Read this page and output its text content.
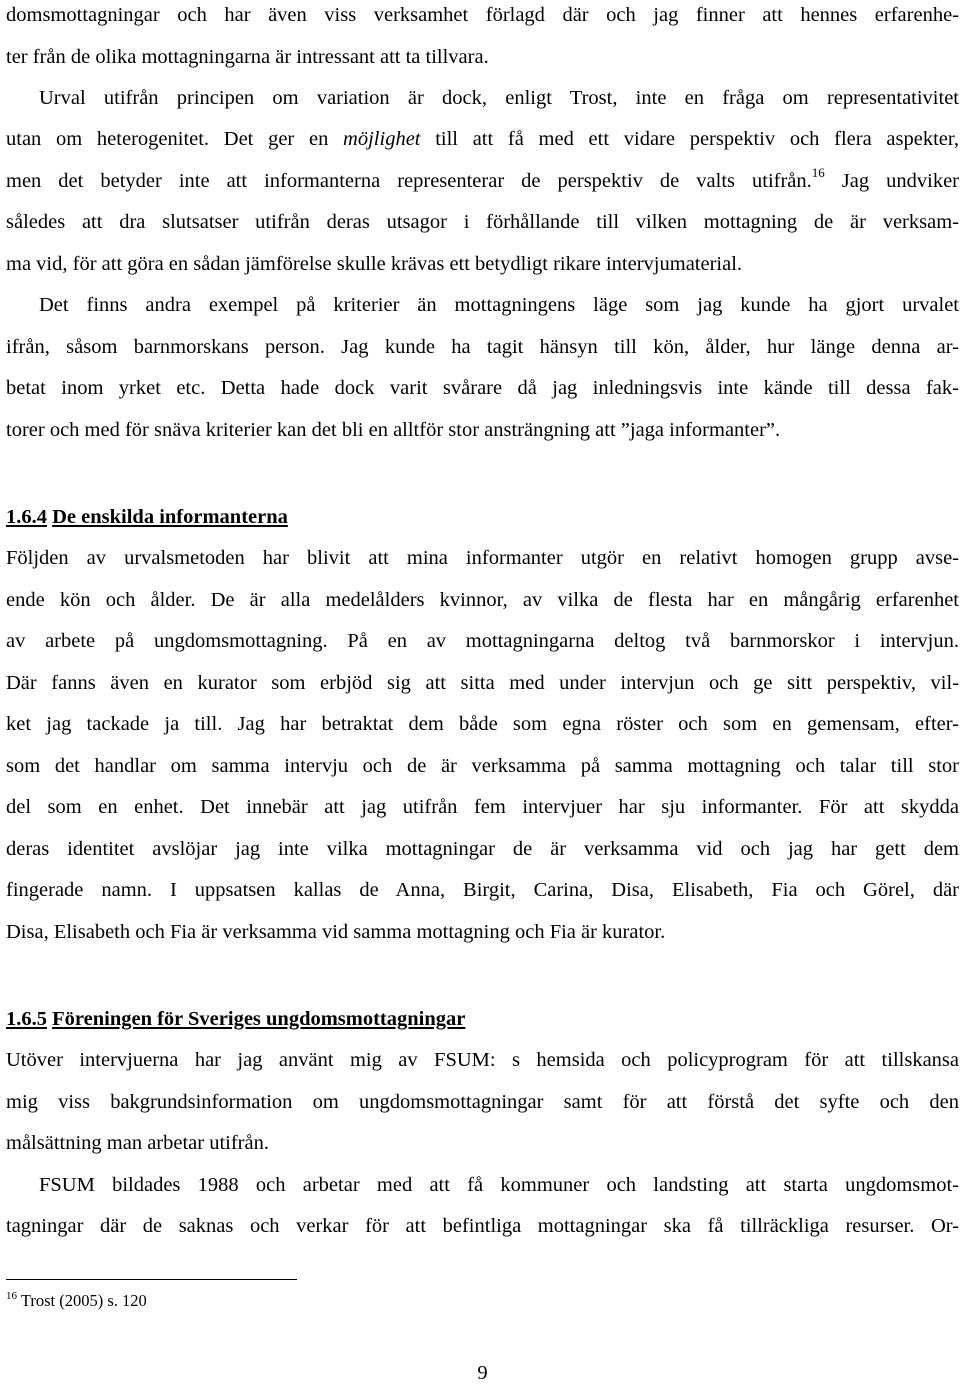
domsmottagningar och har även viss verksamhet förlagd där och jag finner att hennes erfarenhe-
ter från de olika mottagningarna är intressant att ta tillvara.
Urval utifrån principen om variation är dock, enligt Trost, inte en fråga om representativitet
utan om heterogenitet. Det ger en möjlighet till att få med ett vidare perspektiv och flera aspekter,
men det betyder inte att informanterna representerar de perspektiv de valts utifrån.$^{16}$ Jag undviker
således att dra slutsatser utifrån deras utsagor i förhållande till vilken mottagning de är verksam-
ma vid, för att göra en sådan jämförelse skulle krävas ett betydligt rikare intervjumaterial.
Det finns andra exempel på kriterier än mottagningens läge som jag kunde ha gjort urvalet
ifrån, såsom barnmorskans person. Jag kunde ha tagit hänsyn till kön, ålder, hur länge denna ar-
betat inom yrket etc. Detta hade dock varit svårare då jag inledningsvis inte kände till dessa fak-
torer och med för snäva kriterier kan det bli en alltför stor ansträngning att ”jaga informanter”.
1.6.4 De enskilda informanterna
Följden av urvalsmetoden har blivit att mina informanter utgör en relativt homogen grupp avse-
ende kön och ålder. De är alla medelålders kvinnor, av vilka de flesta har en mångårig erfarenhet
av arbete på ungdomsmottagning. På en av mottagningarna deltog två barnmorskor i intervjun.
Där fanns även en kurator som erbjöd sig att sitta med under intervjun och ge sitt perspektiv, vil-
ket jag tackade ja till. Jag har betraktat dem både som egna röster och som en gemensam, efter-
som det handlar om samma intervju och de är verksamma på samma mottagning och talar till stor
del som en enhet. Det innebär att jag utifrån fem intervjuer har sju informanter. För att skydda
deras identitet avslöjar jag inte vilka mottagningar de är verksamma vid och jag har gett dem
fingerade namn. I uppsatsen kallas de Anna, Birgit, Carina, Disa, Elisabeth, Fia och Görel, där
Disa, Elisabeth och Fia är verksamma vid samma mottagning och Fia är kurator.
1.6.5 Föreningen för Sveriges ungdomsmottagningar
Utöver intervjuerna har jag använt mig av FSUM: s hemsida och policyprogram för att tillskansa
mig viss bakgrundsinformation om ungdomsmottagningar samt för att förstå det syfte och den
målsättning man arbetar utifrån.
FSUM bildades 1988 och arbetar med att få kommuner och landsting att starta ungdomsmot-
tagningar där de saknas och verkar för att befintliga mottagningar ska få tillräckliga resurser. Or-
$^{16}$ Trost (2005) s. 120
9
